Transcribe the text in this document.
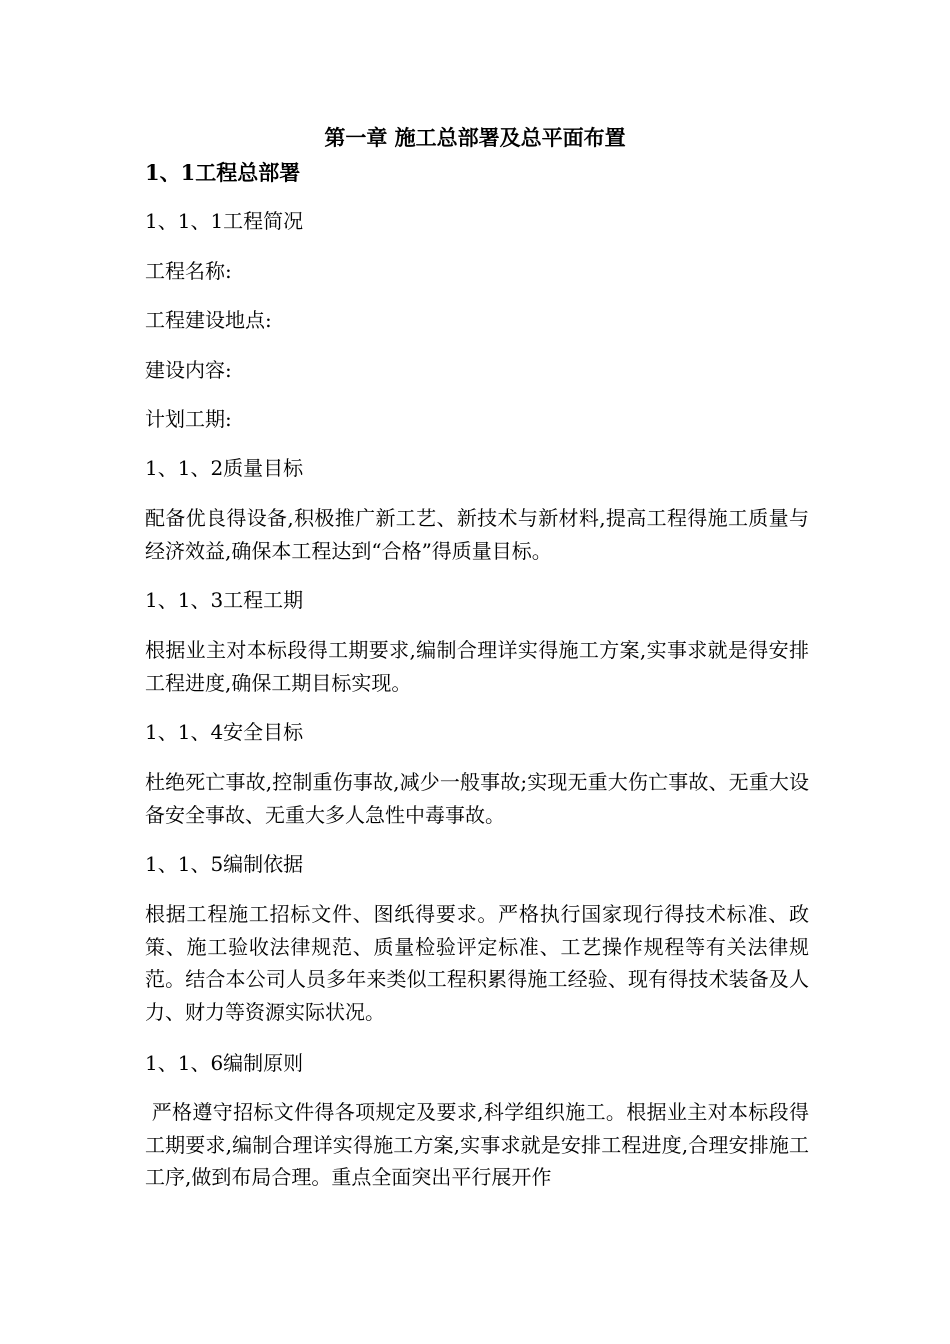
第一章 施工总部署及总平面布置
1、1工程总部署

1、1、1工程简况

工程名称:

工程建设地点:

建设内容:

计划工期:

1、1、2质量目标

配备优良得设备,积极推广新工艺、新技术与新材料,提高工程得施工质量与经济效益,确保本工程达到“合格”得质量目标。

1、1、3工程工期

根据业主对本标段得工期要求,编制合理详实得施工方案,实事求就是得安排工程进度,确保工期目标实现。

1、1、4安全目标

杜绝死亡事故,控制重伤事故,减少一般事故;实现无重大伤亡事故、无重大设备安全事故、无重大多人急性中毒事故。

1、1、5编制依据

根据工程施工招标文件、图纸得要求。严格执行国家现行得技术标准、政策、施工验收法律规范、质量检验评定标准、工艺操作规程等有关法律规范。结合本公司人员多年来类似工程积累得施工经验、现有得技术装备及人力、财力等资源实际状况。

1、1、6编制原则

严格遵守招标文件得各项规定及要求,科学组织施工。根据业主对本标段得工期要求,编制合理详实得施工方案,实事求就是安排工程进度,合理安排施工工序,做到布局合理。重点全面突出平行展开作
